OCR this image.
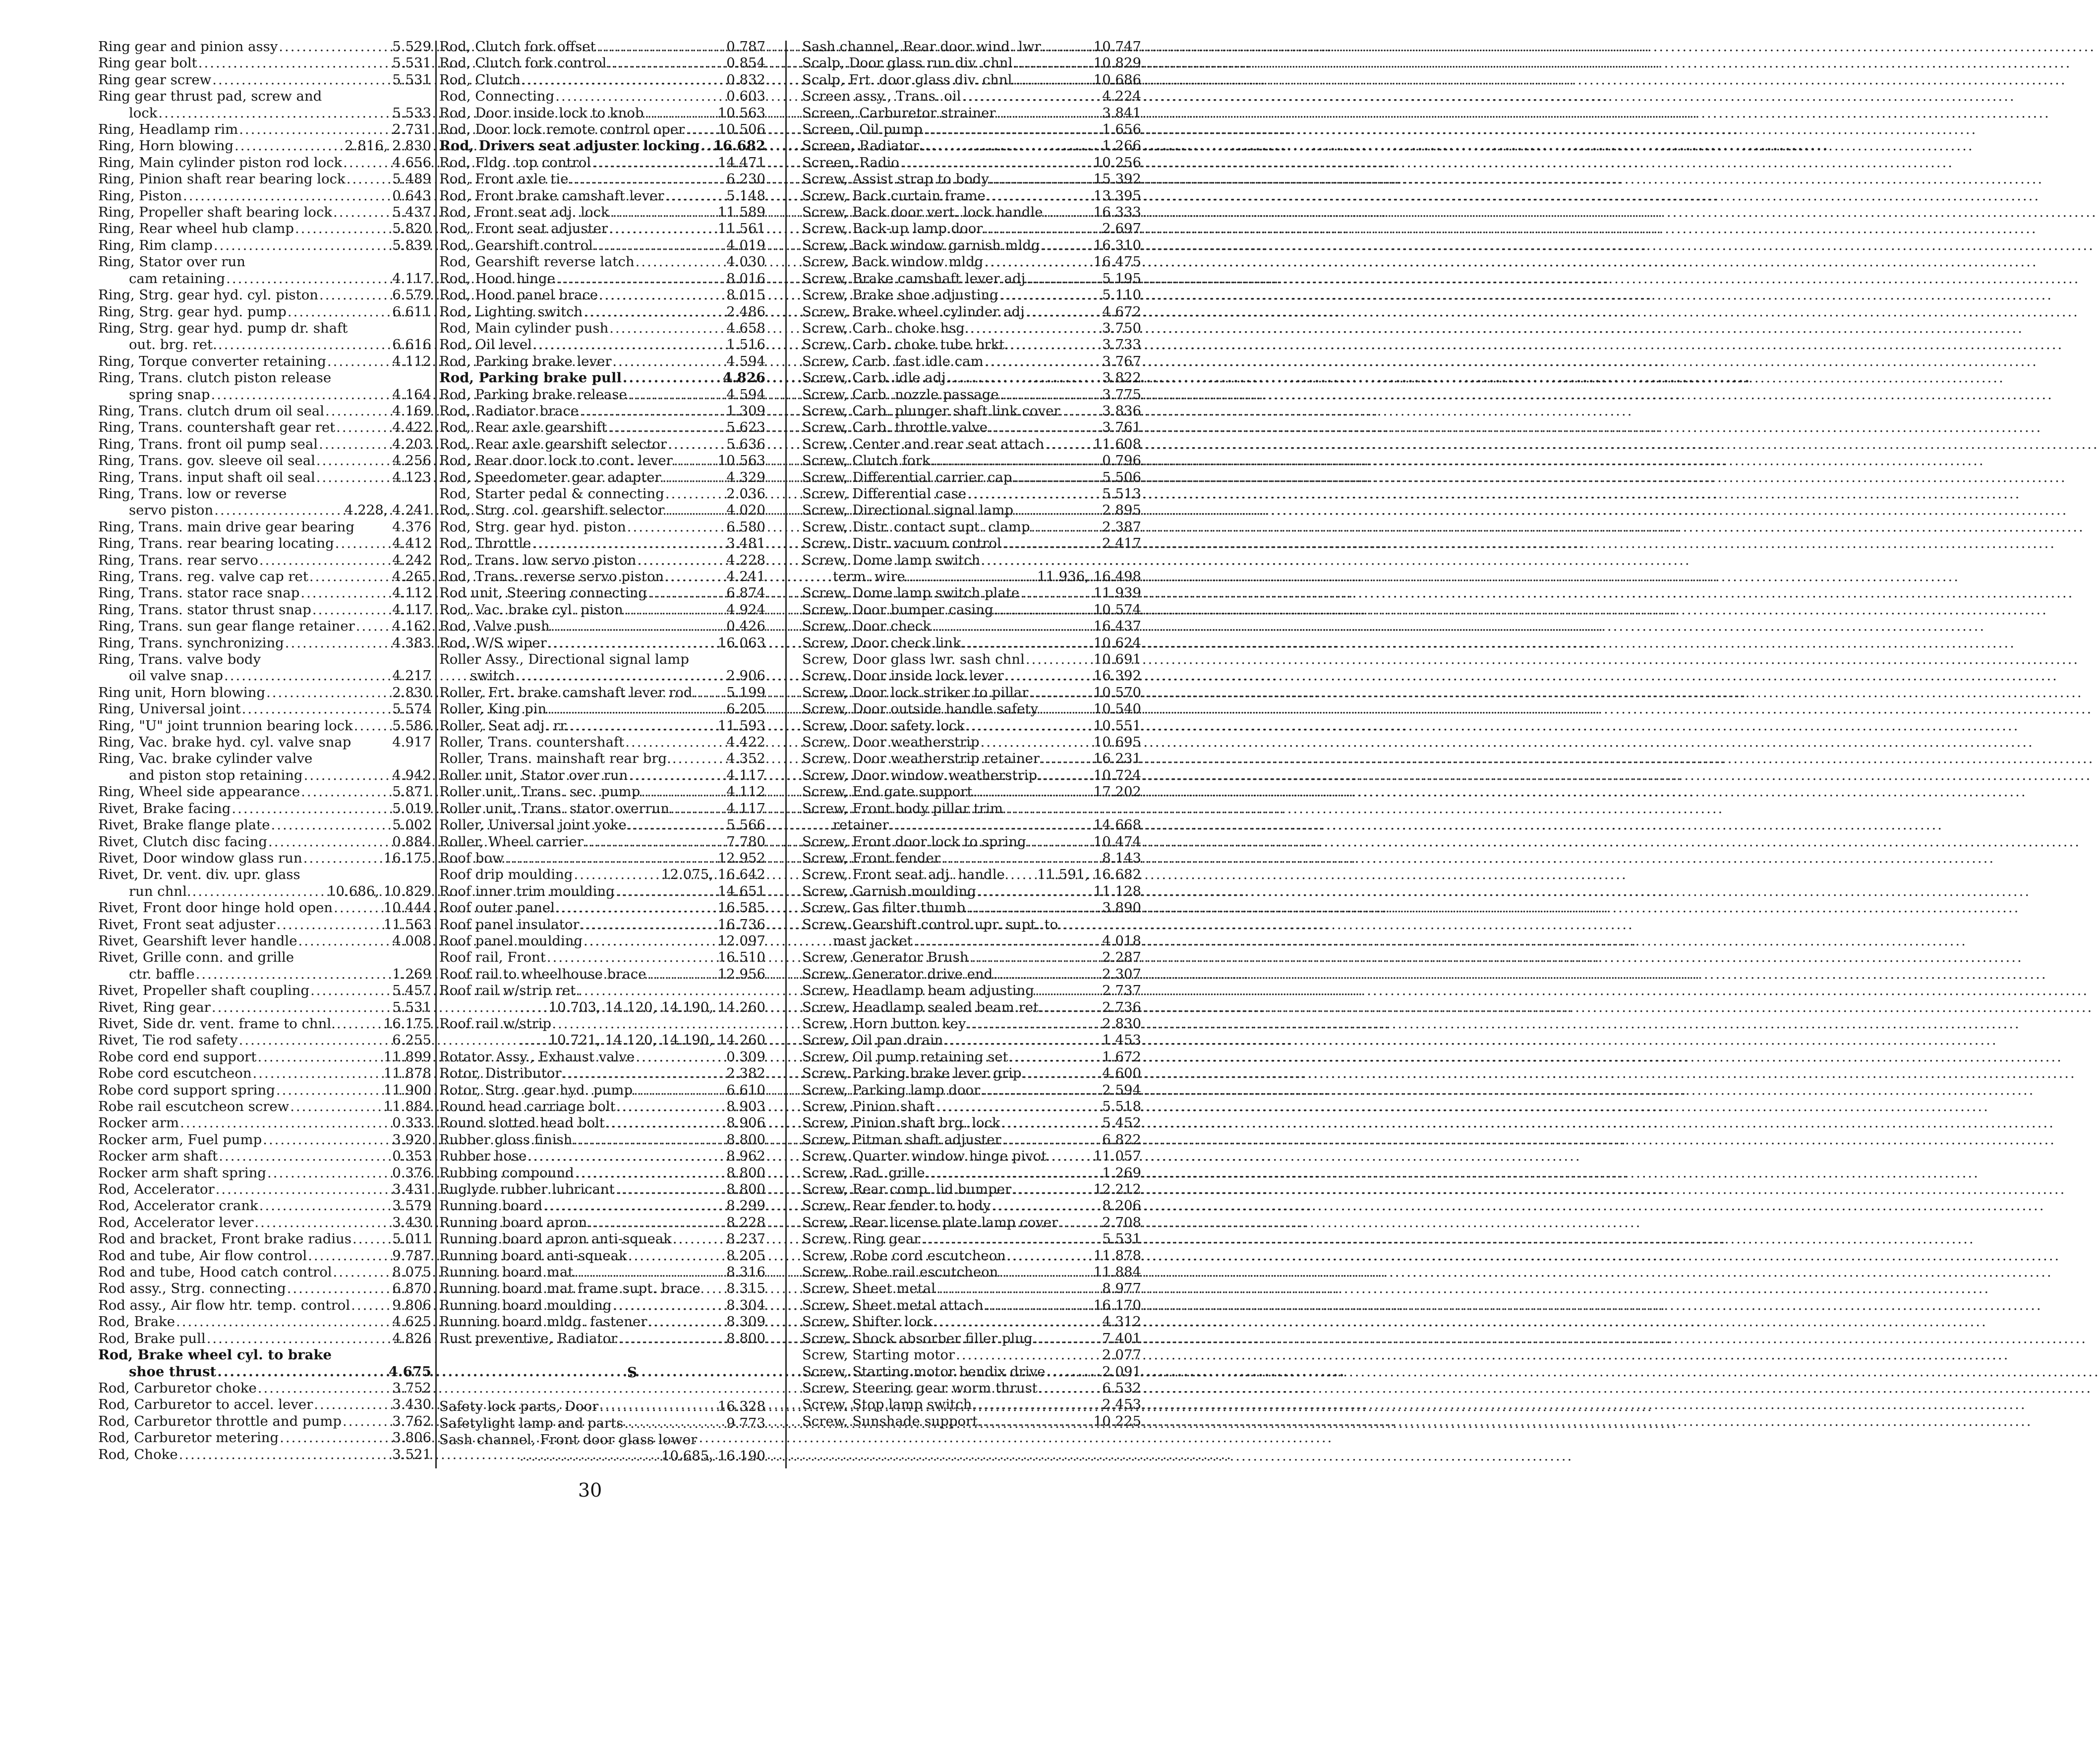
Ring gear and pinion assy .....	5.529
Ring gear bolt .....	5.531
Ring gear screw .....	5.531
Ring gear thrust pad, screw and
lock .....	5.533
Ring, Headlamp rim .....	2.731
Ring, Horn blowing .....	2.816, 2.830
Ring, Main cylinder piston rod lock .....	4.656
Ring, Pinion shaft rear bearing lock .....	5.489
Ring, Piston .....	0.643
Ring, Propeller shaft bearing lock .....	5.437
Ring, Rear wheel hub clamp .....	5.820
Ring, Rim clamp .....	5.839
Ring, Stator over run
cam retaining .....	4.117
Ring, Strg. gear hyd. cyl. piston .....	6.579
Ring, Strg. gear hyd. pump .....	6.611
Ring, Strg. gear hyd. pump dr. shaft
out. brg. ret. .....	6.616
Ring, Torque converter retaining .....	4.112
Ring, Trans. clutch piston release
spring snap .....	4.164
Ring, Trans. clutch drum oil seal .....	4.169
Ring, Trans. countershaft gear ret .....	4.422
Ring, Trans. front oil pump seal .....	4.203
Ring, Trans. gov. sleeve oil seal .....	4.256
Ring, Trans. input shaft oil seal .....	4.123
Ring, Trans. low or reverse
servo piston .....	4.228, 4.241
Ring, Trans. main drive gear bearing	4.376
Ring, Trans. rear bearing locating .....	4.412
Ring, Trans. rear servo .....	4.242
Ring, Trans. reg. valve cap ret .....	4.265
Ring, Trans. stator race snap .....	4.112
Ring, Trans. stator thrust snap .....	4.117
Ring, Trans. sun gear flange retainer .....	4.162
Ring, Trans. synchronizing .....	4.383
Ring, Trans. valve body
oil valve snap .....	4.217
Ring unit, Horn blowing .....	2.830
Ring, Universal joint .....	5.574
Ring, "U" joint trunnion bearing lock .....	5.586
Ring, Vac. brake hyd. cyl. valve snap	4.917
Ring, Vac. brake cylinder valve
and piston stop retaining .....	4.942
Ring, Wheel side appearance .....	5.871
Rivet, Brake facing .....	5.019
Rivet, Brake flange plate .....	5.002
Rivet, Clutch disc facing .....	0.884
Rivet, Door window glass run .....	16.175
Rivet, Dr. vent. div. upr. glass
run chnl. .....	10.686, 10.829
Rivet, Front door hinge hold open .....	10.444
Rivet, Front seat adjuster .....	11.563
Rivet, Gearshift lever handle .....	4.008
Rivet, Grille conn. and grille
ctr. baffle .....	1.269
Rivet, Propeller shaft coupling .....	5.457
Rivet, Ring gear .....	5.531
Rivet, Side dr. vent. frame to chnl. .....	16.175
Rivet, Tie rod safety .....	6.255
Robe cord end support .....	11.899
Robe cord escutcheon .....	11.878
Robe cord support spring .....	11.900
Robe rail escutcheon screw .....	11.884
Rocker arm .....	0.333
Rocker arm, Fuel pump .....	3.920
Rocker arm shaft .....	0.353
Rocker arm shaft spring .....	0.376
Rod, Accelerator .....	3.431
Rod, Accelerator crank .....	3.579
Rod, Accelerator lever .....	3.430
Rod and bracket, Front brake radius .....	5.011
Rod and tube, Air flow control .....	9.787
Rod and tube, Hood catch control .....	8.075
Rod assy., Strg. connecting .....	6.870
Rod assy., Air flow htr. temp. control .....	9.806
Rod, Brake .....	4.625
Rod, Brake pull .....	4.826
Rod, Brake wheel cyl. to brake
shoe thrust .....	4.675
Rod, Carburetor choke .....	3.752
Rod, Carburetor to accel. lever .....	3.430
Rod, Carburetor throttle and pump .....	3.762
Rod, Carburetor metering .....	3.806
Rod, Choke .....	3.521
Rod, Clutch fork offset .....	0.787
Rod, Clutch fork control .....	0.854
Rod, Clutch .....	0.832
Rod, Connecting .....	0.603
Rod, Door inside lock to knob .....	10.563
Rod, Door lock remote control oper ..... 10.506
Rod, Drivers seat adjuster locking ..... 16.682
Rod, Fldg. top control .....	14.471
Rod, Front axle tie .....	6.230
Rod, Front brake camshaft lever .....	5.148
Rod, Front seat adj. lock .....	11.589
Rod, Front seat adjuster .....	11.561
Rod, Gearshift control .....	4.019
Rod, Gearshift reverse latch .....	4.030
Rod, Hood hinge .....	8.016
Rod, Hood panel brace .....	8.015
Rod, Lighting switch .....	2.486
Rod, Main cylinder push .....	4.658
Rod, Oil level .....	1.516
Rod, Parking brake lever .....	4.594
Rod, Parking brake pull .....	4.826
Rod, Parking brake release .....	4.594
Rod, Radiator brace .....	1.309
Rod, Rear axle gearshift .....	5.623
Rod, Rear axle gearshift selector .....	5.636
Rod, Rear door lock to cont. lever .....	10.563
Rod, Speedometer gear adapter .....	4.329
Rod, Starter pedal & connecting .....	2.036
Rod, Strg. col. gearshift selector .....	4.020
Rod, Strg. gear hyd. piston .....	6.580
Rod, Throttle .....	3.481
Rod, Trans. low servo piston .....	4.228
Rod, Trans. reverse servo piston .....	4.241
Rod unit, Steering connecting .....	6.874
Rod, Vac. brake cyl. piston .....	4.924
Rod, Valve push .....	0.426
Rod, W/S wiper .....	16.063
Roller Assy., Directional signal lamp
switch .....	2.906
Roller, Frt. brake camshaft lever rod .....	5.199
Roller, King pin .....	6.205
Roller, Seat adj. rr. .....	11.593
Roller, Trans. countershaft .....	4.422
Roller, Trans. mainshaft rear brg. .....	4.352
Roller unit, Stator over run .....	4.117
Roller unit, Trans. sec. pump .....	4.112
Roller unit, Trans. stator overrun .....	4.117
Roller, Universal joint yoke .....	5.566
Roller, Wheel carrier .....	7.780
Roof bow .....	12.952
Roof drip moulding .....	12.075, 16.642
Roof inner trim moulding .....	14.651
Roof outer panel .....	16.585
Roof panel insulator .....	16.736
Roof panel moulding .....	12.097
Roof rail, Front .....	16.510
Roof rail to wheelhouse brace .....	12.956
Roof rail w/strip ret.
.....
10.703, 14.120, 14.190, 14.260
Roof rail w/strip
.....
10.721, 14.120, 14.190, 14.260
Rotator Assy., Exhaust valve .....	0.309
Rotor, Distributor .....	2.382
Rotor, Strg. gear hyd. pump .....	6.610
Round head carriage bolt .....	8.903
Round slotted head bolt .....	8.906
Rubber gloss finish .....	8.800
Rubber hose .....	8.962
Rubbing compound .....	8.800
Ruglyde rubber lubricant .....	8.800
Running board .....	8.299
Running board apron .....	8.228
Running board apron anti-squeak .....	8.237
Running board anti-squeak .....	8.205
Running board mat .....	8.316
Running board mat frame supt. brace 8.315
Running board moulding .....	8.304
Running board mldg. fastener .....	8.309
Rust preventive, Radiator .....	8.800
S
Safety lock parts, Door .....	16.328
Safetylight lamp and parts .....	9.773
Sash channel, Front door glass lower
.....
10.685, 16.190
Sash channel, Rear door wind. lwr .....	10.747
Scalp, Door glass run div. chnl. .....	10.829
Scalp, Frt. door glass div. chnl .....	10.686
Screen assy., Trans. oil .....	4.224
Screen, Carburetor strainer .....	3.841
Screen, Oil pump .....	1.656
Screen, Radiator .....	1.266
Screen, Radio .....	10.256
Screw, Assist strap to body .....	15.392
Screw, Back curtain frame .....	13.395
Screw, Back door vert. lock handle .....	16.333
Screw, Back-up lamp door .....	2.697
Screw, Back window garnish mldg .....	16.310
Screw, Back window mldg .....	16.475
Screw, Brake camshaft lever adj .....	5.195
Screw, Brake shoe adjusting .....	5.110
Screw, Brake wheel cylinder adj .....	4.672
Screw, Carb. choke hsg. .....	3.750
Screw, Carb. choke tube brkt. .....	3.733
Screw, Carb. fast idle cam .....	3.767
Screw, Carb. idle adj. .....	3.822
Screw, Carb. nozzle passage .....	3.775
Screw, Carb. plunger shaft link cover	3.836
Screw, Carb. throttle valve .....	3.761
Screw, Center and rear seat attach .....	11.608
Screw, Clutch fork .....	0.796
Screw, Differential carrier cap .....	5.506
Screw, Differential case .....	5.513
Screw, Directional signal lamp .....	2.895
Screw, Distr. contact supt. clamp .....	2.387
Screw, Distr. vacuum control .....	2.417
Screw, Dome lamp switch
term. wire .....	11.936, 16.498
Screw, Dome lamp switch plate .....	11.939
Screw, Door bumper casing .....	10.574
Screw, Door check .....	16.437
Screw, Door check link .....	10.624
Screw, Door glass lwr. sash chnl .....	10.691
Screw, Door inside lock lever .....	16.392
Screw, Door lock striker to pillar .....	10.570
Screw, Door outside handle safety .....	10.540
Screw, Door safety lock .....	10.551
Screw, Door weatherstrip .....	10.695
Screw, Door weatherstrip retainer .....	16.231
Screw, Door window weatherstrip .....	10.724
Screw, End gate support .....	17.202
Screw, Front body pillar trim
retainer .....	14.668
Screw, Front door lock to spring .....	10.474
Screw, Front fender .....	8.143
Screw, Front seat adj. handle 11.591, 16.682
Screw, Garnish moulding .....	11.128
Screw, Gas filter thumb .....	3.890
Screw, Gearshift control upr. supt. to
mast jacket .....	4.018
Screw, Generator Brush .....	2.287
Screw, Generator drive end .....	2.307
Screw, Headlamp beam adjusting .....	2.737
Screw, Headlamp sealed beam ret .....	2.736
Screw, Horn button key .....	2.830
Screw, Oil pan drain .....	1.453
Screw, Oil pump retaining set .....	1.672
Screw, Parking brake lever grip .....	4.600
Screw, Parking lamp door .....	2.594
Screw, Pinion shaft .....	5.518
Screw, Pinion shaft brg. lock .....	5.452
Screw, Pitman shaft adjuster .....	6.822
Screw, Quarter window hinge pivot	11.057
Screw, Rad. grille .....	1.269
Screw, Rear comp. lid bumper .....	12.212
Screw, Rear fender to body .....	8.206
Screw, Rear license plate lamp cover	2.708
Screw, Ring gear .....	5.531
Screw, Robe cord escutcheon .....	11.878
Screw, Robe rail escutcheon .....	11.884
Screw, Sheet metal .....	8.977
Screw, Sheet metal attach. .....	16.170
Screw, Shifter lock .....	4.312
Screw, Shock absorber filler plug .....	7.401
Screw, Starting motor .....	2.077
Screw, Starting motor bendix drive .....	2.091
Screw, Steering gear worm thrust .....	6.532
Screw, Stop lamp switch .....	2.453
Screw, Sunshade support .....	10.225
30
